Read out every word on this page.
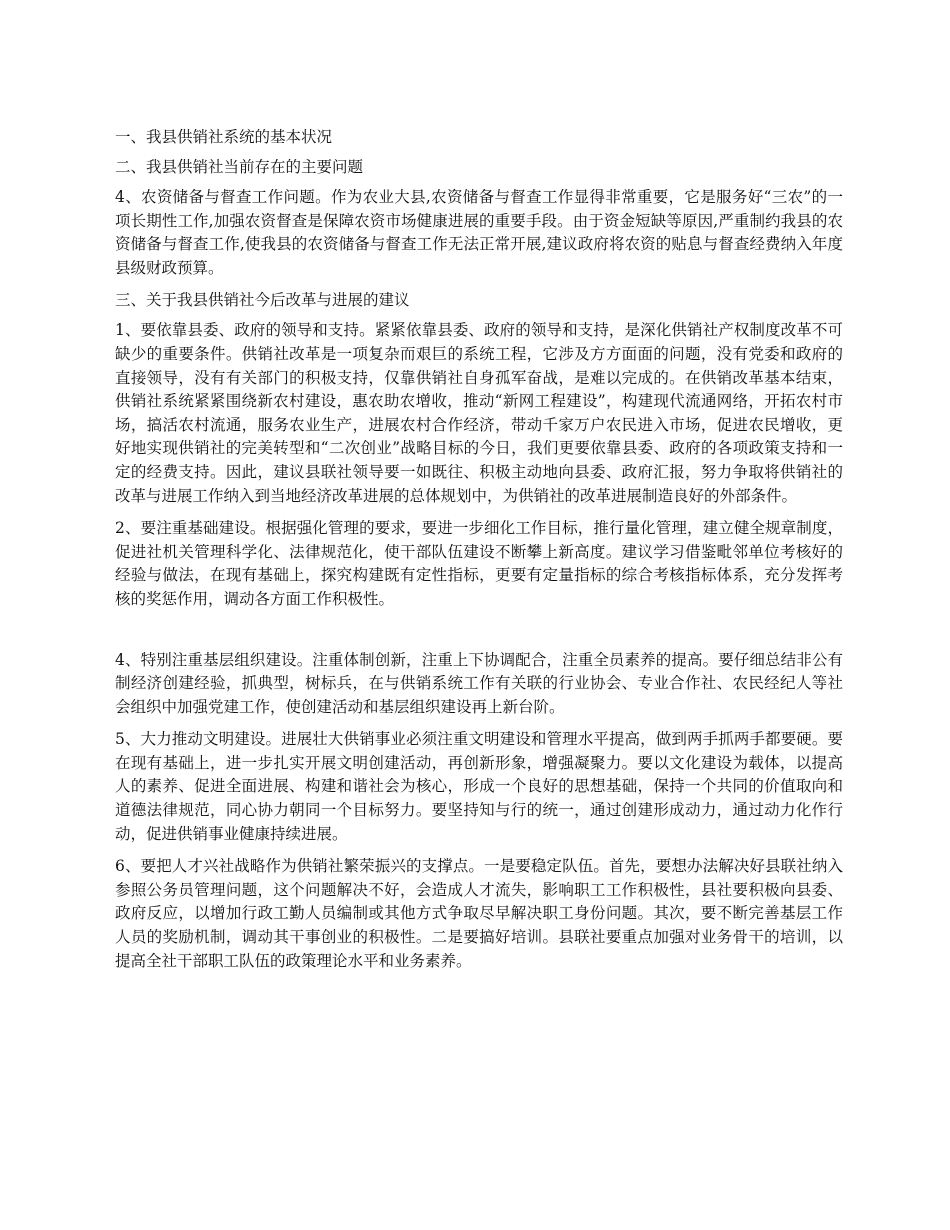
一、我县供销社系统的基本状况

二、我县供销社当前存在的主要问题

4、农资储备与督查工作问题。作为农业大县,农资储备与督查工作显得非常重要，它是服务好“三农”的一项长期性工作,加强农资督查是保障农资市场健康进展的重要手段。由于资金短缺等原因,严重制约我县的农资储备与督查工作,使我县的农资储备与督查工作无法正常开展,建议政府将农资的贴息与督查经费纳入年度县级财政预算。

三、关于我县供销社今后改革与进展的建议

1、要依靠县委、政府的领导和支持。紧紧依靠县委、政府的领导和支持，是深化供销社产权制度改革不可缺少的重要条件。供销社改革是一项复杂而艰巨的系统工程，它涉及方方面面的问题，没有党委和政府的直接领导，没有有关部门的积极支持，仅靠供销社自身孤军奋战，是难以完成的。在供销改革基本结束，供销社系统紧紧围绕新农村建设，惠农助农增收，推动“新网工程建设”，构建现代流通网络，开拓农村市场，搞活农村流通，服务农业生产，进展农村合作经济，带动千家万户农民进入市场，促进农民增收，更好地实现供销社的完美转型和“二次创业”战略目标的今日，我们更要依靠县委、政府的各项政策支持和一定的经费支持。因此，建议县联社领导要一如既往、积极主动地向县委、政府汇报，努力争取将供销社的改革与进展工作纳入到当地经济改革进展的总体规划中，为供销社的改革进展制造良好的外部条件。

2、要注重基础建设。根据强化管理的要求，要进一步细化工作目标，推行量化管理，建立健全规章制度，促进社机关管理科学化、法律规范化，使干部队伍建设不断攀上新高度。建议学习借鉴毗邻单位考核好的经验与做法，在现有基础上，探究构建既有定性指标，更要有定量指标的综合考核指标体系，充分发挥考核的奖惩作用，调动各方面工作积极性。

4、特别注重基层组织建设。注重体制创新，注重上下协调配合，注重全员素养的提高。要仔细总结非公有制经济创建经验，抓典型，树标兵，在与供销系统工作有关联的行业协会、专业合作社、农民经纪人等社会组织中加强党建工作，使创建活动和基层组织建设再上新台阶。

5、大力推动文明建设。进展壮大供销事业必须注重文明建设和管理水平提高，做到两手抓两手都要硬。要在现有基础上，进一步扎实开展文明创建活动，再创新形象，增强凝聚力。要以文化建设为载体，以提高人的素养、促进全面进展、构建和谐社会为核心，形成一个良好的思想基础，保持一个共同的价值取向和道德法律规范，同心协力朝同一个目标努力。要坚持知与行的统一，通过创建形成动力，通过动力化作行动，促进供销事业健康持续进展。

6、要把人才兴社战略作为供销社繁荣振兴的支撑点。一是要稳定队伍。首先，要想办法解决好县联社纳入参照公务员管理问题，这个问题解决不好，会造成人才流失，影响职工工作积极性，县社要积极向县委、政府反应，以增加行政工勤人员编制或其他方式争取尽早解决职工身份问题。其次，要不断完善基层工作人员的奖励机制，调动其干事创业的积极性。二是要搞好培训。县联社要重点加强对业务骨干的培训，以提高全社干部职工队伍的政策理论水平和业务素养。
